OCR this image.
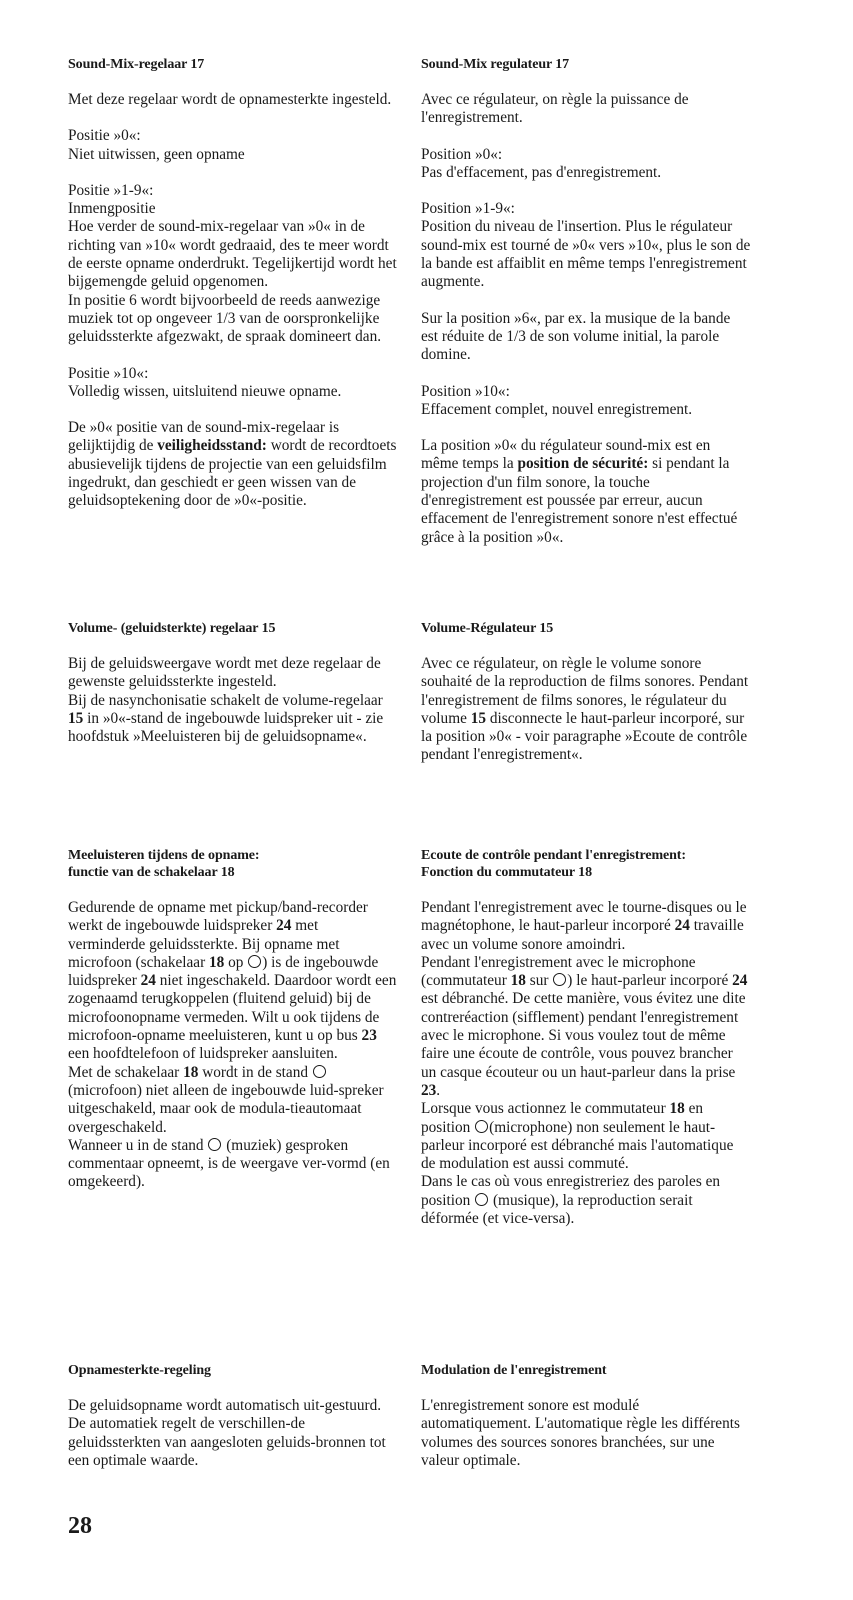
Sound-Mix-regelaar 17

Met deze regelaar wordt de opnamesterkte ingesteld.

Positie »0«:
Niet uitwissen, geen opname

Positie »1-9«:
Inmengpositie
Hoe verder de sound-mix-regelaar van »0« in de richting van »10« wordt gedraaid, des te meer wordt de eerste opname onderdrukt. Tegelijkertijd wordt het bijgemengde geluid opgenomen.
In positie 6 wordt bijvoorbeeld de reeds aanwezige muziek tot op ongeveer 1/3 van de oorspronkelijke geluidssterkte afgezwakt, de spraak domineert dan.

Positie »10«:
Volledig wissen, uitsluitend nieuwe opname.

De »0« positie van de sound-mix-regelaar is gelijktijdig de veiligheidsstand: wordt de recordtoets abusievelijk tijdens de projectie van een geluidsfilm ingedrukt, dan geschiedt er geen wissen van de geluidsoptekening door de »0«-positie.

Sound-Mix regulateur 17

Avec ce régulateur, on règle la puissance de l'enregistrement.

Position »0«:
Pas d'effacement, pas d'enregistrement.

Position »1-9«:
Position du niveau de l'insertion. Plus le régulateur sound-mix est tourné de »0« vers »10«, plus le son de la bande est affaiblit en même temps l'enregistrement augmente.

Sur la position »6«, par ex. la musique de la bande est réduite de 1/3 de son volume initial, la parole domine.

Position »10«:
Effacement complet, nouvel enregistrement.

La position »0« du régulateur sound-mix est en même temps la position de sécurité: si pendant la projection d'un film sonore, la touche d'enregistrement est poussée par erreur, aucun effacement de l'enregistrement sonore n'est effectué grâce à la position »0«.

Volume- (geluidsterkte) regelaar 15

Bij de geluidsweergave wordt met deze regelaar de gewenste geluidssterkte ingesteld.
Bij de nasynchonisatie schakelt de volume-regelaar 15 in »0«-stand de ingebouwde luidspreker uit - zie hoofdstuk »Meeluisteren bij de geluidsopname«.

Volume-Régulateur 15

Avec ce régulateur, on règle le volume sonore souhaité de la reproduction de films sonores. Pendant l'enregistrement de films sonores, le régulateur du volume 15 disconnecte le haut-parleur incorporé, sur la position »0« - voir paragraphe »Ecoute de contrôle pendant l'enregistrement«.

Meeluisteren tijdens de opname:
functie van de schakelaar 18

Gedurende de opname met pickup/band-recorder werkt de ingebouwde luidspreker 24 met verminderde geluidssterkte. Bij opname met microfoon (schakelaar 18 op ) is de ingebouwde luidspreker 24 niet ingeschakeld. Daardoor wordt een zogenaamd terugkoppelen (fluitend geluid) bij de microfoonopname vermeden. Wilt u ook tijdens de microfoon-opname meeluisteren, kunt u op bus 23 een hoofdtelefoon of luidspreker aansluiten.
Met de schakelaar 18 wordt in de stand  (microfoon) niet alleen de ingebouwde luid-spreker uitgeschakeld, maar ook de modula-tieautomaat overgeschakeld.
Wanneer u in de stand  (muziek) gesproken commentaar opneemt, is de weergave ver-vormd (en omgekeerd).

Ecoute de contrôle pendant l'enregistrement:
Fonction du commutateur 18

Pendant l'enregistrement avec le tourne-disques ou le magnétophone, le haut-parleur incorporé 24 travaille avec un volume sonore amoindri.
Pendant l'enregistrement avec le microphone (commutateur 18 sur ) le haut-parleur incorporé 24 est débranché. De cette manière, vous évitez une dite contreréaction (sifflement) pendant l'enregistrement avec le microphone. Si vous voulez tout de même faire une écoute de contrôle, vous pouvez brancher un casque écouteur ou un haut-parleur dans la prise 23.
Lorsque vous actionnez le commutateur 18 en position (microphone) non seulement le haut-parleur incorporé est débranché mais l'automatique de modulation est aussi commuté.
Dans le cas où vous enregistreriez des paroles en position  (musique), la reproduction serait déformée (et vice-versa).

Opnamesterkte-regeling

De geluidsopname wordt automatisch uit-gestuurd. De automatiek regelt de verschillen-de geluidssterkten van aangesloten geluids-bronnen tot een optimale waarde.

Modulation de l'enregistrement

L'enregistrement sonore est modulé automatiquement. L'automatique règle les différents volumes des sources sonores branchées, sur une valeur optimale.

28
